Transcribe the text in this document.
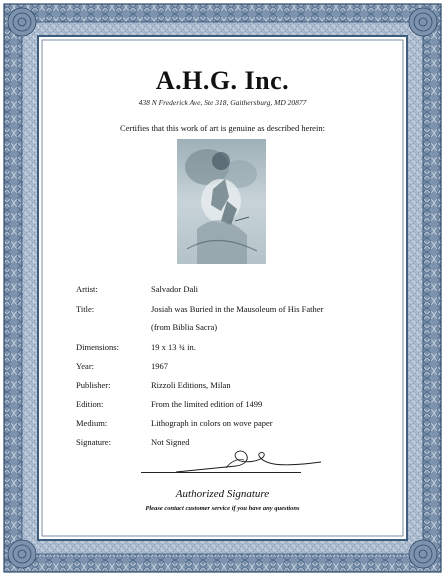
A.H.G. Inc.
438 N Frederick Ave, Ste 318, Gaithersburg, MD 20877
Certifies that this work of art is genuine as described herein:
Artist:	Salvador Dali
Title:	Josiah was Buried in the Mausoleum of His Father
(from Biblia Sacra)
Dimensions:	19 x 13 ¾ in.
Year:	1967
Publisher:	Rizzoli Editions, Milan
Edition:	From the limited edition of 1499
Medium:	Lithograph in colors on wove paper
Signature:	Not Signed
Authorized Signature
Please contact customer service if you have any questions
